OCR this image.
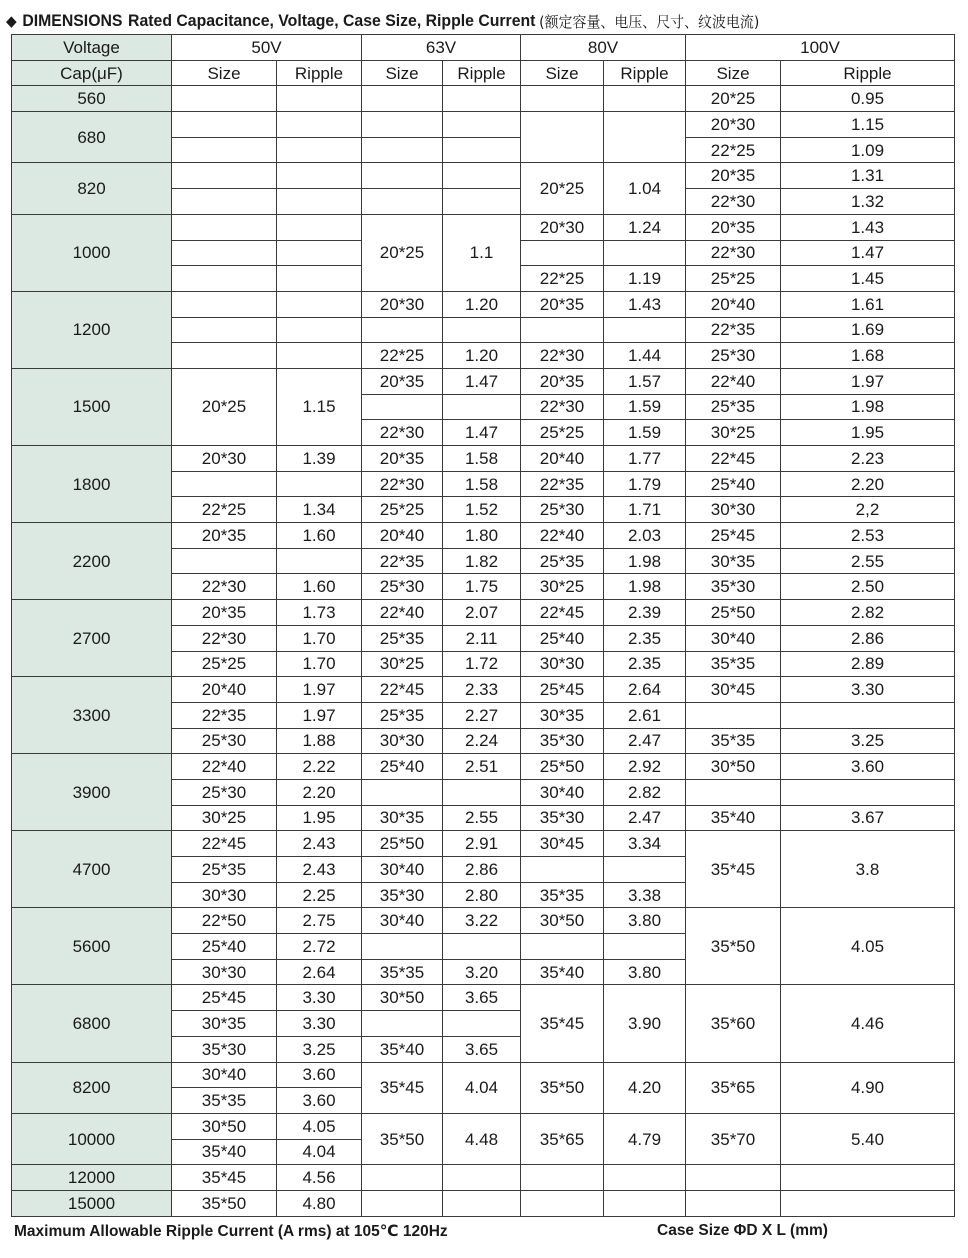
◆ DIMENSIONS Rated Capacitance, Voltage, Case Size, Ripple Current (额定容量、电压、尺寸、纹波电流)
Voltage	50V		63V		80V		100V	
Cap(μF)	Size	Ripple	Size	Ripple	Size	Ripple	Size	Ripple
560							20*25	0.95
680							20*30	1.15
							22*25	1.09
820					20*25	1.04	20*35	1.31
							22*30	1.32
1000			20*25	1.1	20*30	1.24	20*35	1.43
							22*30	1.47
					22*25	1.19	25*25	1.45
1200			20*30	1.20	20*35	1.43	20*40	1.61
							22*35	1.69
			22*25	1.20	22*30	1.44	25*30	1.68
1500	20*25	1.15	20*35	1.47	20*35	1.57	22*40	1.97
					22*30	1.59	25*35	1.98
			22*30	1.47	25*25	1.59	30*25	1.95
1800	20*30	1.39	20*35	1.58	20*40	1.77	22*45	2.23
			22*30	1.58	22*35	1.79	25*40	2.20
	22*25	1.34	25*25	1.52	25*30	1.71	30*30	2,2
2200	20*35	1.60	20*40	1.80	22*40	2.03	25*45	2.53
			22*35	1.82	25*35	1.98	30*35	2.55
	22*30	1.60	25*30	1.75	30*25	1.98	35*30	2.50
2700	20*35	1.73	22*40	2.07	22*45	2.39	25*50	2.82
	22*30	1.70	25*35	2.11	25*40	2.35	30*40	2.86
	25*25	1.70	30*25	1.72	30*30	2.35	35*35	2.89
3300	20*40	1.97	22*45	2.33	25*45	2.64	30*45	3.30
	22*35	1.97	25*35	2.27	30*35	2.61		
	25*30	1.88	30*30	2.24	35*30	2.47	35*35	3.25
3900	22*40	2.22	25*40	2.51	25*50	2.92	30*50	3.60
	25*30	2.20			30*40	2.82		
	30*25	1.95	30*35	2.55	35*30	2.47	35*40	3.67
4700	22*45	2.43	25*50	2.91	30*45	3.34	35*45	3.8
	25*35	2.43	30*40	2.86				
	30*30	2.25	35*30	2.80	35*35	3.38		
5600	22*50	2.75	30*40	3.22	30*50	3.80	35*50	4.05
	25*40	2.72						
	30*30	2.64	35*35	3.20	35*40	3.80		
6800	25*45	3.30	30*50	3.65	35*45	3.90	35*60	4.46
	30*35	3.30						
	35*30	3.25	35*40	3.65				
8200	30*40	3.60	35*45	4.04	35*50	4.20	35*65	4.90
	35*35	3.60						
10000	30*50	4.05	35*50	4.48	35*65	4.79	35*70	5.40
	35*40	4.04						
12000	35*45	4.56						
15000	35*50	4.80						
Maximum Allowable Ripple Current (A rms) at 105℃ 120Hz	Case Size ΦD X L (mm)
